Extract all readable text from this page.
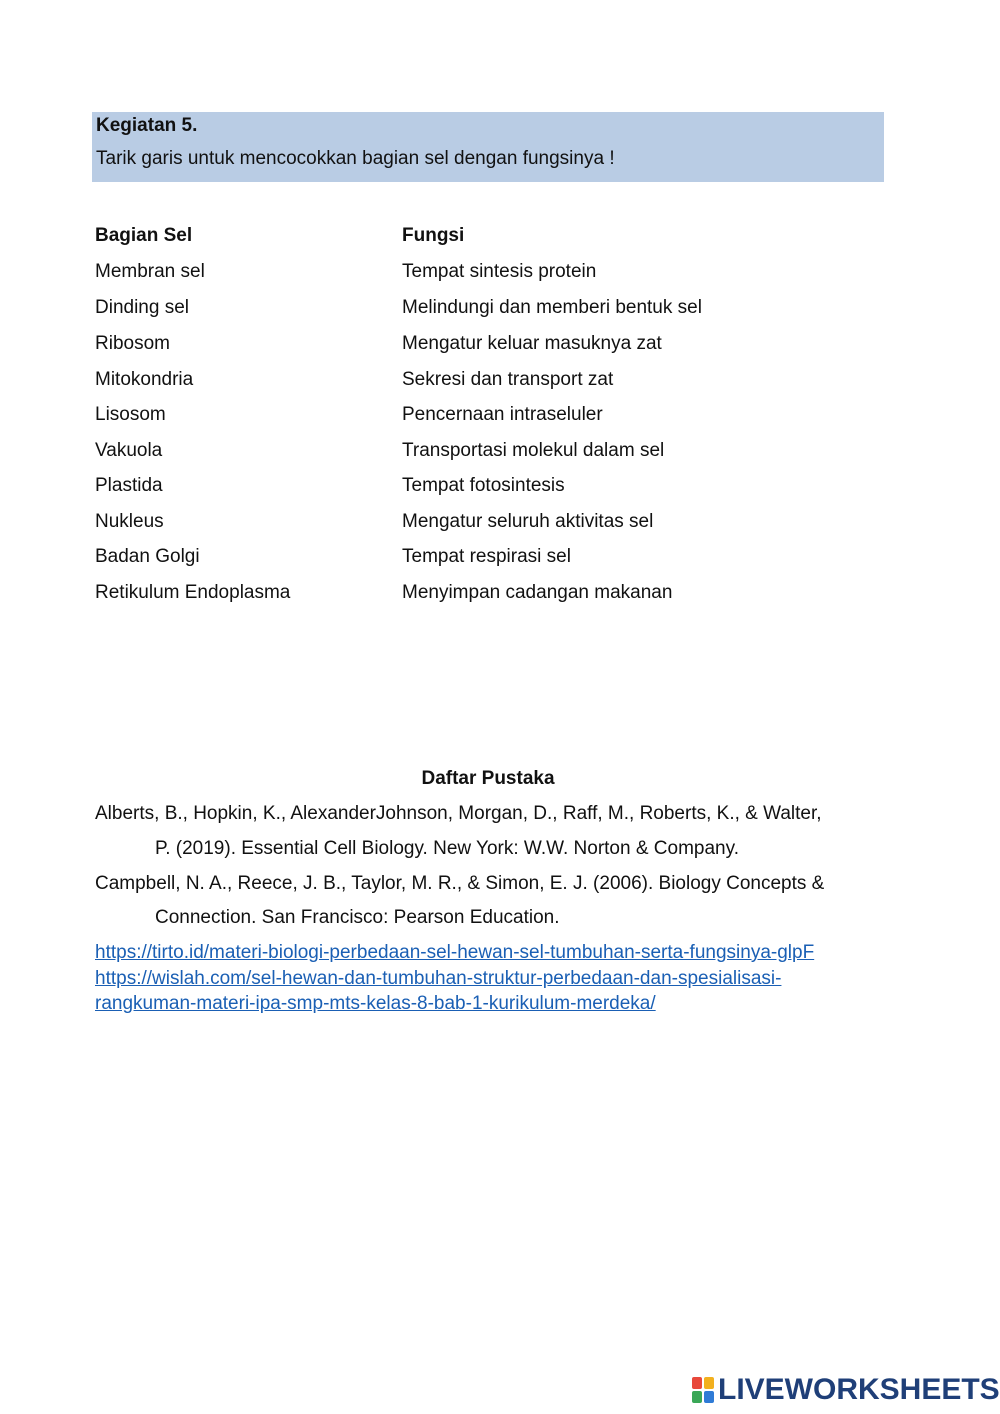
Kegiatan 5.
Tarik garis untuk mencocokkan bagian sel dengan fungsinya !
Bagian Sel	Fungsi
Membran sel
Dinding sel
Ribosom
Mitokondria
Lisosom
Vakuola
Plastida
Nukleus
Badan Golgi
Retikulum Endoplasma
Tempat sintesis protein
Melindungi dan memberi bentuk sel
Mengatur keluar masuknya zat
Sekresi dan transport zat
Pencernaan intraseluler
Transportasi molekul dalam sel
Tempat fotosintesis
Mengatur seluruh aktivitas sel
Tempat respirasi sel
Menyimpan cadangan makanan
Daftar Pustaka
Alberts, B., Hopkin, K., AlexanderJohnson, Morgan, D., Raff, M., Roberts, K., & Walter,
P. (2019). Essential Cell Biology. New York: W.W. Norton & Company.
Campbell, N. A., Reece, J. B., Taylor, M. R., & Simon, E. J. (2006). Biology Concepts &
Connection. San Francisco: Pearson Education.
https://tirto.id/materi-biologi-perbedaan-sel-hewan-sel-tumbuhan-serta-fungsinya-glpF
https://wislah.com/sel-hewan-dan-tumbuhan-struktur-perbedaan-dan-spesialisasi-
rangkuman-materi-ipa-smp-mts-kelas-8-bab-1-kurikulum-merdeka/
LIVEWORKSHEETS
